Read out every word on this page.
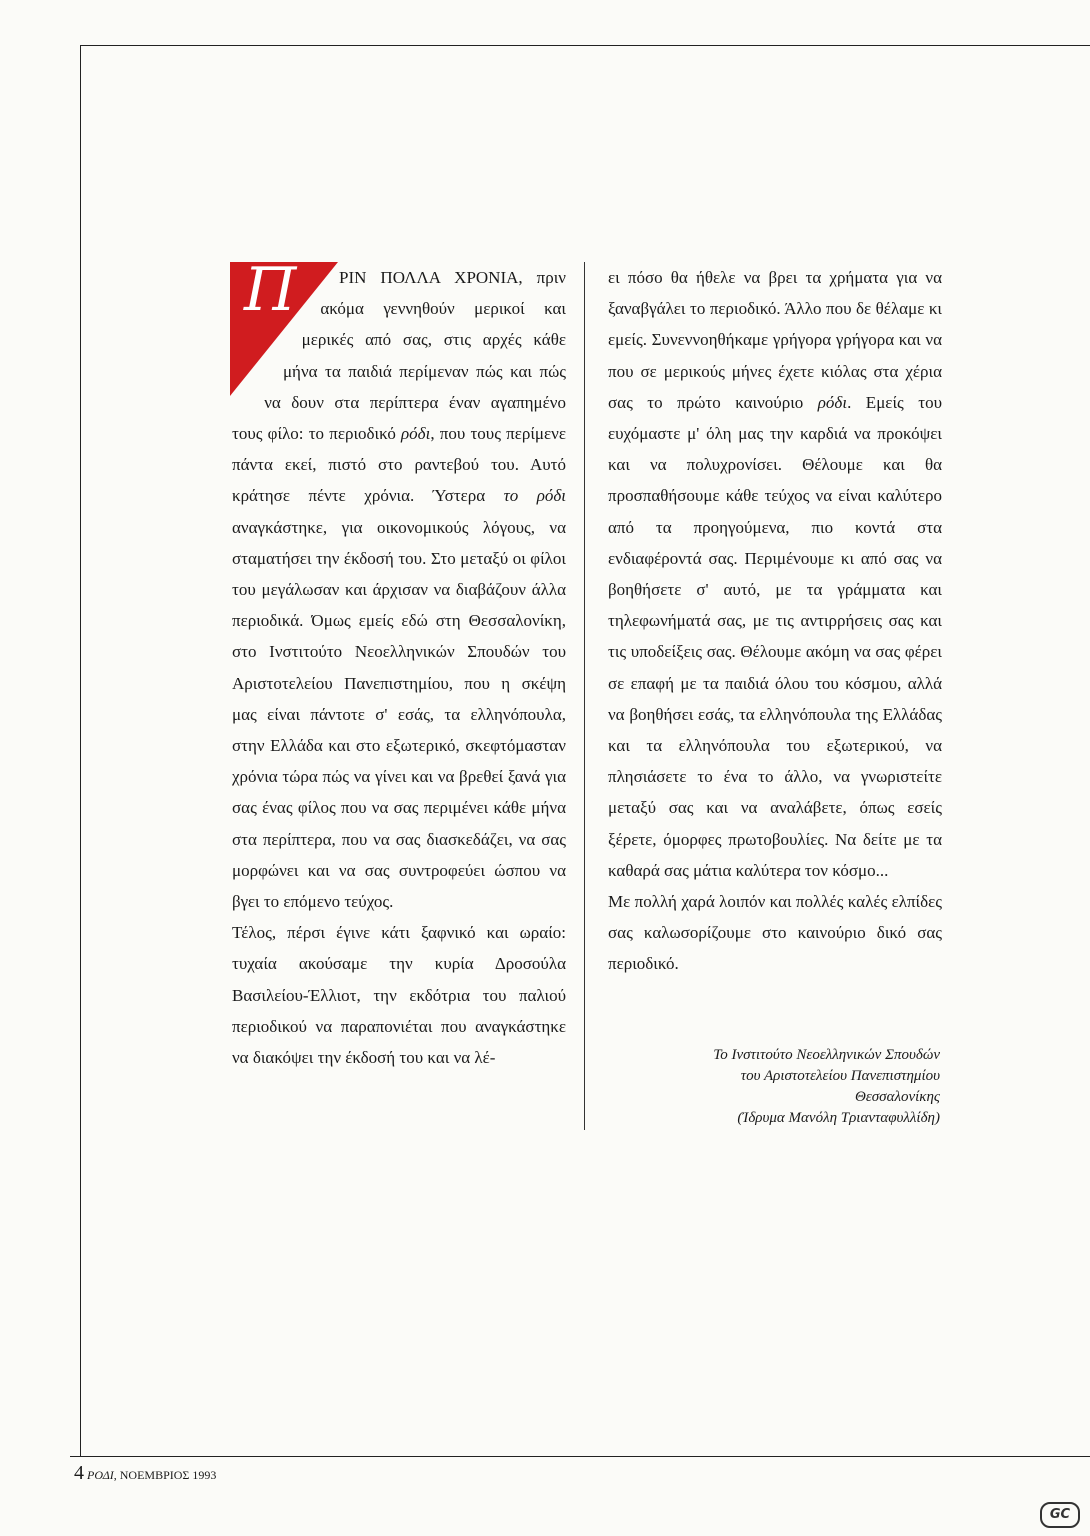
Π	ΡΙΝ ΠΟΛΛΑ ΧΡΟΝΙΑ, πριν ακόμα γεννηθούν μερικοί και μερικές από σας, στις αρχές κάθε μήνα τα παιδιά περίμεναν πώς και πώς να δουν στα περίπτερα έναν αγαπημένο τους φίλο: το περιοδικό ρόδι, που τους περίμενε πάντα εκεί, πιστό στο ραντεβού του. Αυτό κράτησε πέντε χρόνια. Ύστερα το ρόδι αναγκάστηκε, για οικονομικούς λόγους, να σταματήσει την έκδοσή του. Στο μεταξύ οι φίλοι του μεγάλωσαν και άρχισαν να διαβάζουν άλλα περιοδικά. Όμως εμείς εδώ στη Θεσσαλονίκη, στο Ινστιτούτο Νεοελληνικών Σπουδών του Αριστοτελείου Πανεπιστημίου, που η σκέψη μας είναι πάντοτε σ' εσάς, τα ελληνόπουλα, στην Ελλάδα και στο εξωτερικό, σκεφτόμασταν χρόνια τώρα πώς να γίνει και να βρεθεί ξανά για σας ένας φίλος που να σας περιμένει κάθε μήνα στα περίπτερα, που να σας διασκεδάζει, να σας μορφώνει και να σας συντροφεύει ώσπου να βγει το επόμενο τεύχος.

Τέλος, πέρσι έγινε κάτι ξαφνικό και ωραίο: τυχαία ακούσαμε την κυρία Δροσούλα Βασιλείου-Έλλιοτ, την εκδότρια του παλιού περιοδικού να παραπονιέται που αναγκάστηκε να διακόψει την έκδοσή του και να λέ-

ει πόσο θα ήθελε να βρει τα χρήματα για να ξαναβγάλει το περιοδικό. Άλλο που δε θέλαμε κι εμείς. Συνεννοηθήκαμε γρήγορα γρήγορα και να που σε μερικούς μήνες έχετε κιόλας στα χέρια σας το πρώτο καινούριο ρόδι. Εμείς του ευχόμαστε μ' όλη μας την καρδιά να προκόψει και να πολυχρονίσει. Θέλουμε και θα προσπαθήσουμε κάθε τεύχος να είναι καλύτερο από τα προηγούμενα, πιο κοντά στα ενδιαφέροντά σας. Περιμένουμε κι από σας να βοηθήσετε σ' αυτό, με τα γράμματα και τηλεφωνήματά σας, με τις αντιρρήσεις σας και τις υποδείξεις σας. Θέλουμε ακόμη να σας φέρει σε επαφή με τα παιδιά όλου του κόσμου, αλλά να βοηθήσει εσάς, τα ελληνόπουλα της Ελλάδας και τα ελληνόπουλα του εξωτερικού, να πλησιάσετε το ένα το άλλο, να γνωριστείτε μεταξύ σας και να αναλάβετε, όπως εσείς ξέρετε, όμορφες πρωτοβουλίες. Να δείτε με τα καθαρά σας μάτια καλύτερα τον κόσμο...

Με πολλή χαρά λοιπόν και πολλές καλές ελπίδες σας καλωσορίζουμε στο καινούριο δικό σας περιοδικό.

Το Ινστιτούτο Νεοελληνικών Σπουδών
του Αριστοτελείου Πανεπιστημίου
Θεσσαλονίκης
(Ίδρυμα Μανόλη Τριανταφυλλίδη)
4 ΡΟΔΙ, ΝΟΕΜΒΡΙΟΣ 1993
GC
